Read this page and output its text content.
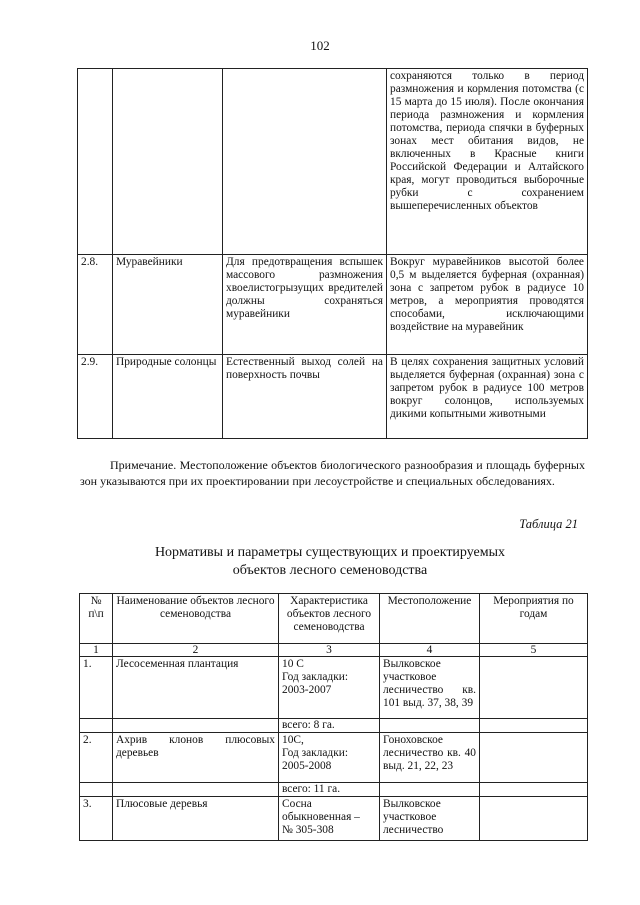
102
			сохраняются только в период размножения и кормления потомства (с 15 марта до 15 июля). После окончания периода размножения и кормления потомства, периода спячки в буферных зонах мест обитания видов, не включенных в Красные книги Российской Федерации и Алтайского края, могут проводиться выборочные рубки с сохранением вышеперечисленных объектов
2.8.	Муравейники	Для предотвращения вспышек массового размножения хвоелистогрызущих вредителей должны сохраняться муравейники	Вокруг муравейников высотой более 0,5 м выделяется буферная (охранная) зона с запретом рубок в радиусе 10 метров, а мероприятия проводятся способами, исключающими воздействие на муравейник
2.9.	Природные солонцы	Естественный выход солей на поверхность почвы	В целях сохранения защитных условий выделяется буферная (охранная) зона с запретом рубок в радиусе 100 метров вокруг солонцов, используемых дикими копытными животными
Примечание. Местоположение объектов биологического разнообразия и площадь буферных зон указываются при их проектировании при лесоустройстве и специальных обследованиях.
Таблица 21
Нормативы и параметры существующих и проектируемых
объектов лесного семеноводства
№ п\п	Наименование объектов лесного семеноводства	Характеристика объектов лесного семеноводства	Местоположение	Мероприятия по годам
1	2	3	4	5
1.	Лесосеменная плантация	10 С
Год закладки:
2003-2007	Вылковское участковое лесничество кв. 101 выд. 37, 38, 39	
		всего: 8 га.		
2.	Ахрив клонов плюсовых деревьев	10С,
Год закладки:
2005-2008	Гоноховское лесничество кв. 40 выд. 21, 22, 23	
		всего: 11 га.		
3.	Плюсовые деревья	Сосна
обыкновенная –
№ 305-308	Вылковское участковое лесничество	
